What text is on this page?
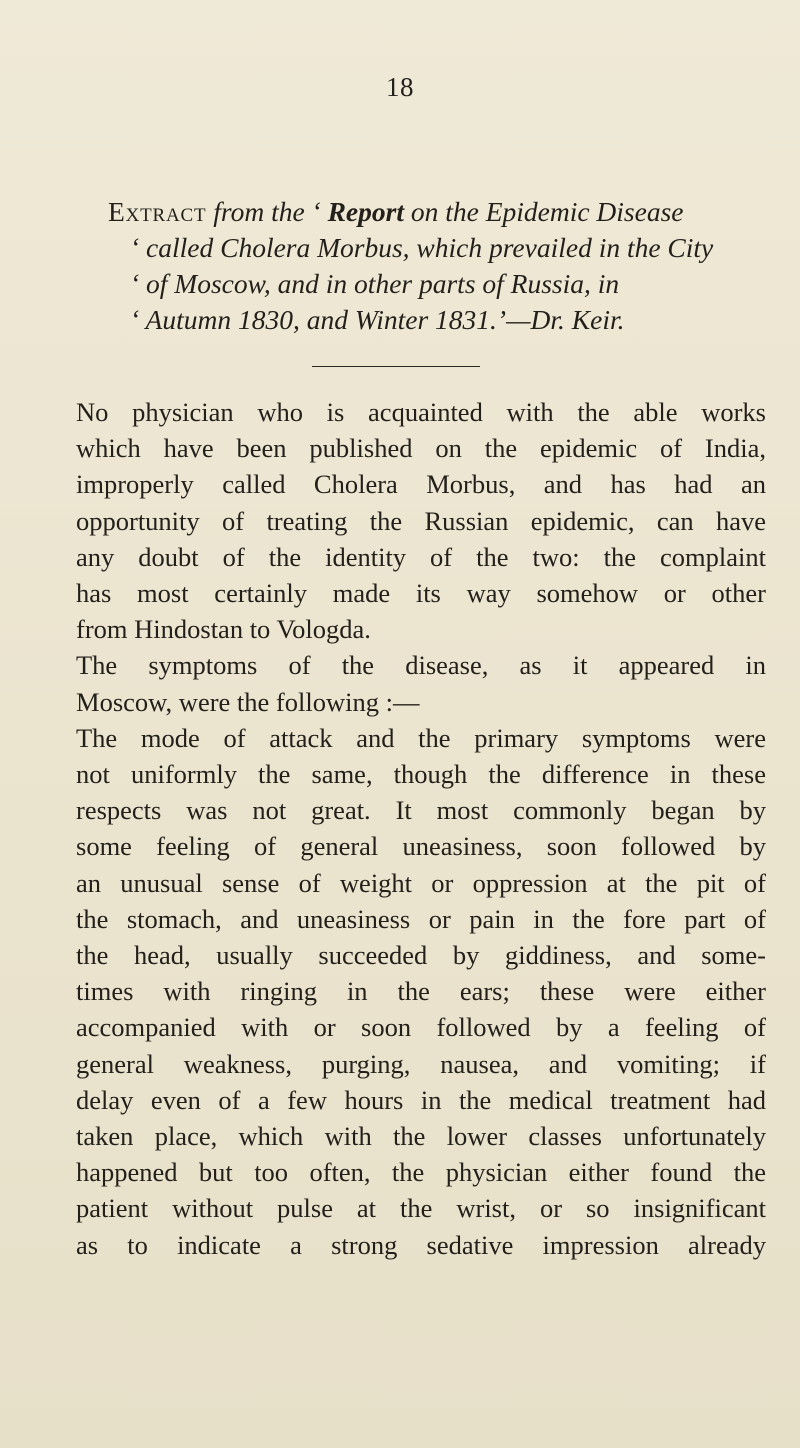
18
Extract from the ‘ Report on the Epidemic Disease
‘ called Cholera Morbus, which prevailed in the City
‘ of Moscow, and in other parts of Russia, in
‘ Autumn 1830, and Winter 1831.’—Dr. Keir.
No physician who is acquainted with the able works
which have been published on the epidemic of India,
improperly called Cholera Morbus, and has had an
opportunity of treating the Russian epidemic, can have
any doubt of the identity of the two: the complaint
has most certainly made its way somehow or other
from Hindostan to Vologda.
The symptoms of the disease, as it appeared in
Moscow, were the following :—
The mode of attack and the primary symptoms were
not uniformly the same, though the difference in these
respects was not great. It most commonly began by
some feeling of general uneasiness, soon followed by
an unusual sense of weight or oppression at the pit of
the stomach, and uneasiness or pain in the fore part of
the head, usually succeeded by giddiness, and some-
times with ringing in the ears; these were either
accompanied with or soon followed by a feeling of
general weakness, purging, nausea, and vomiting; if
delay even of a few hours in the medical treatment had
taken place, which with the lower classes unfortunately
happened but too often, the physician either found the
patient without pulse at the wrist, or so insignificant
as to indicate a strong sedative impression already
